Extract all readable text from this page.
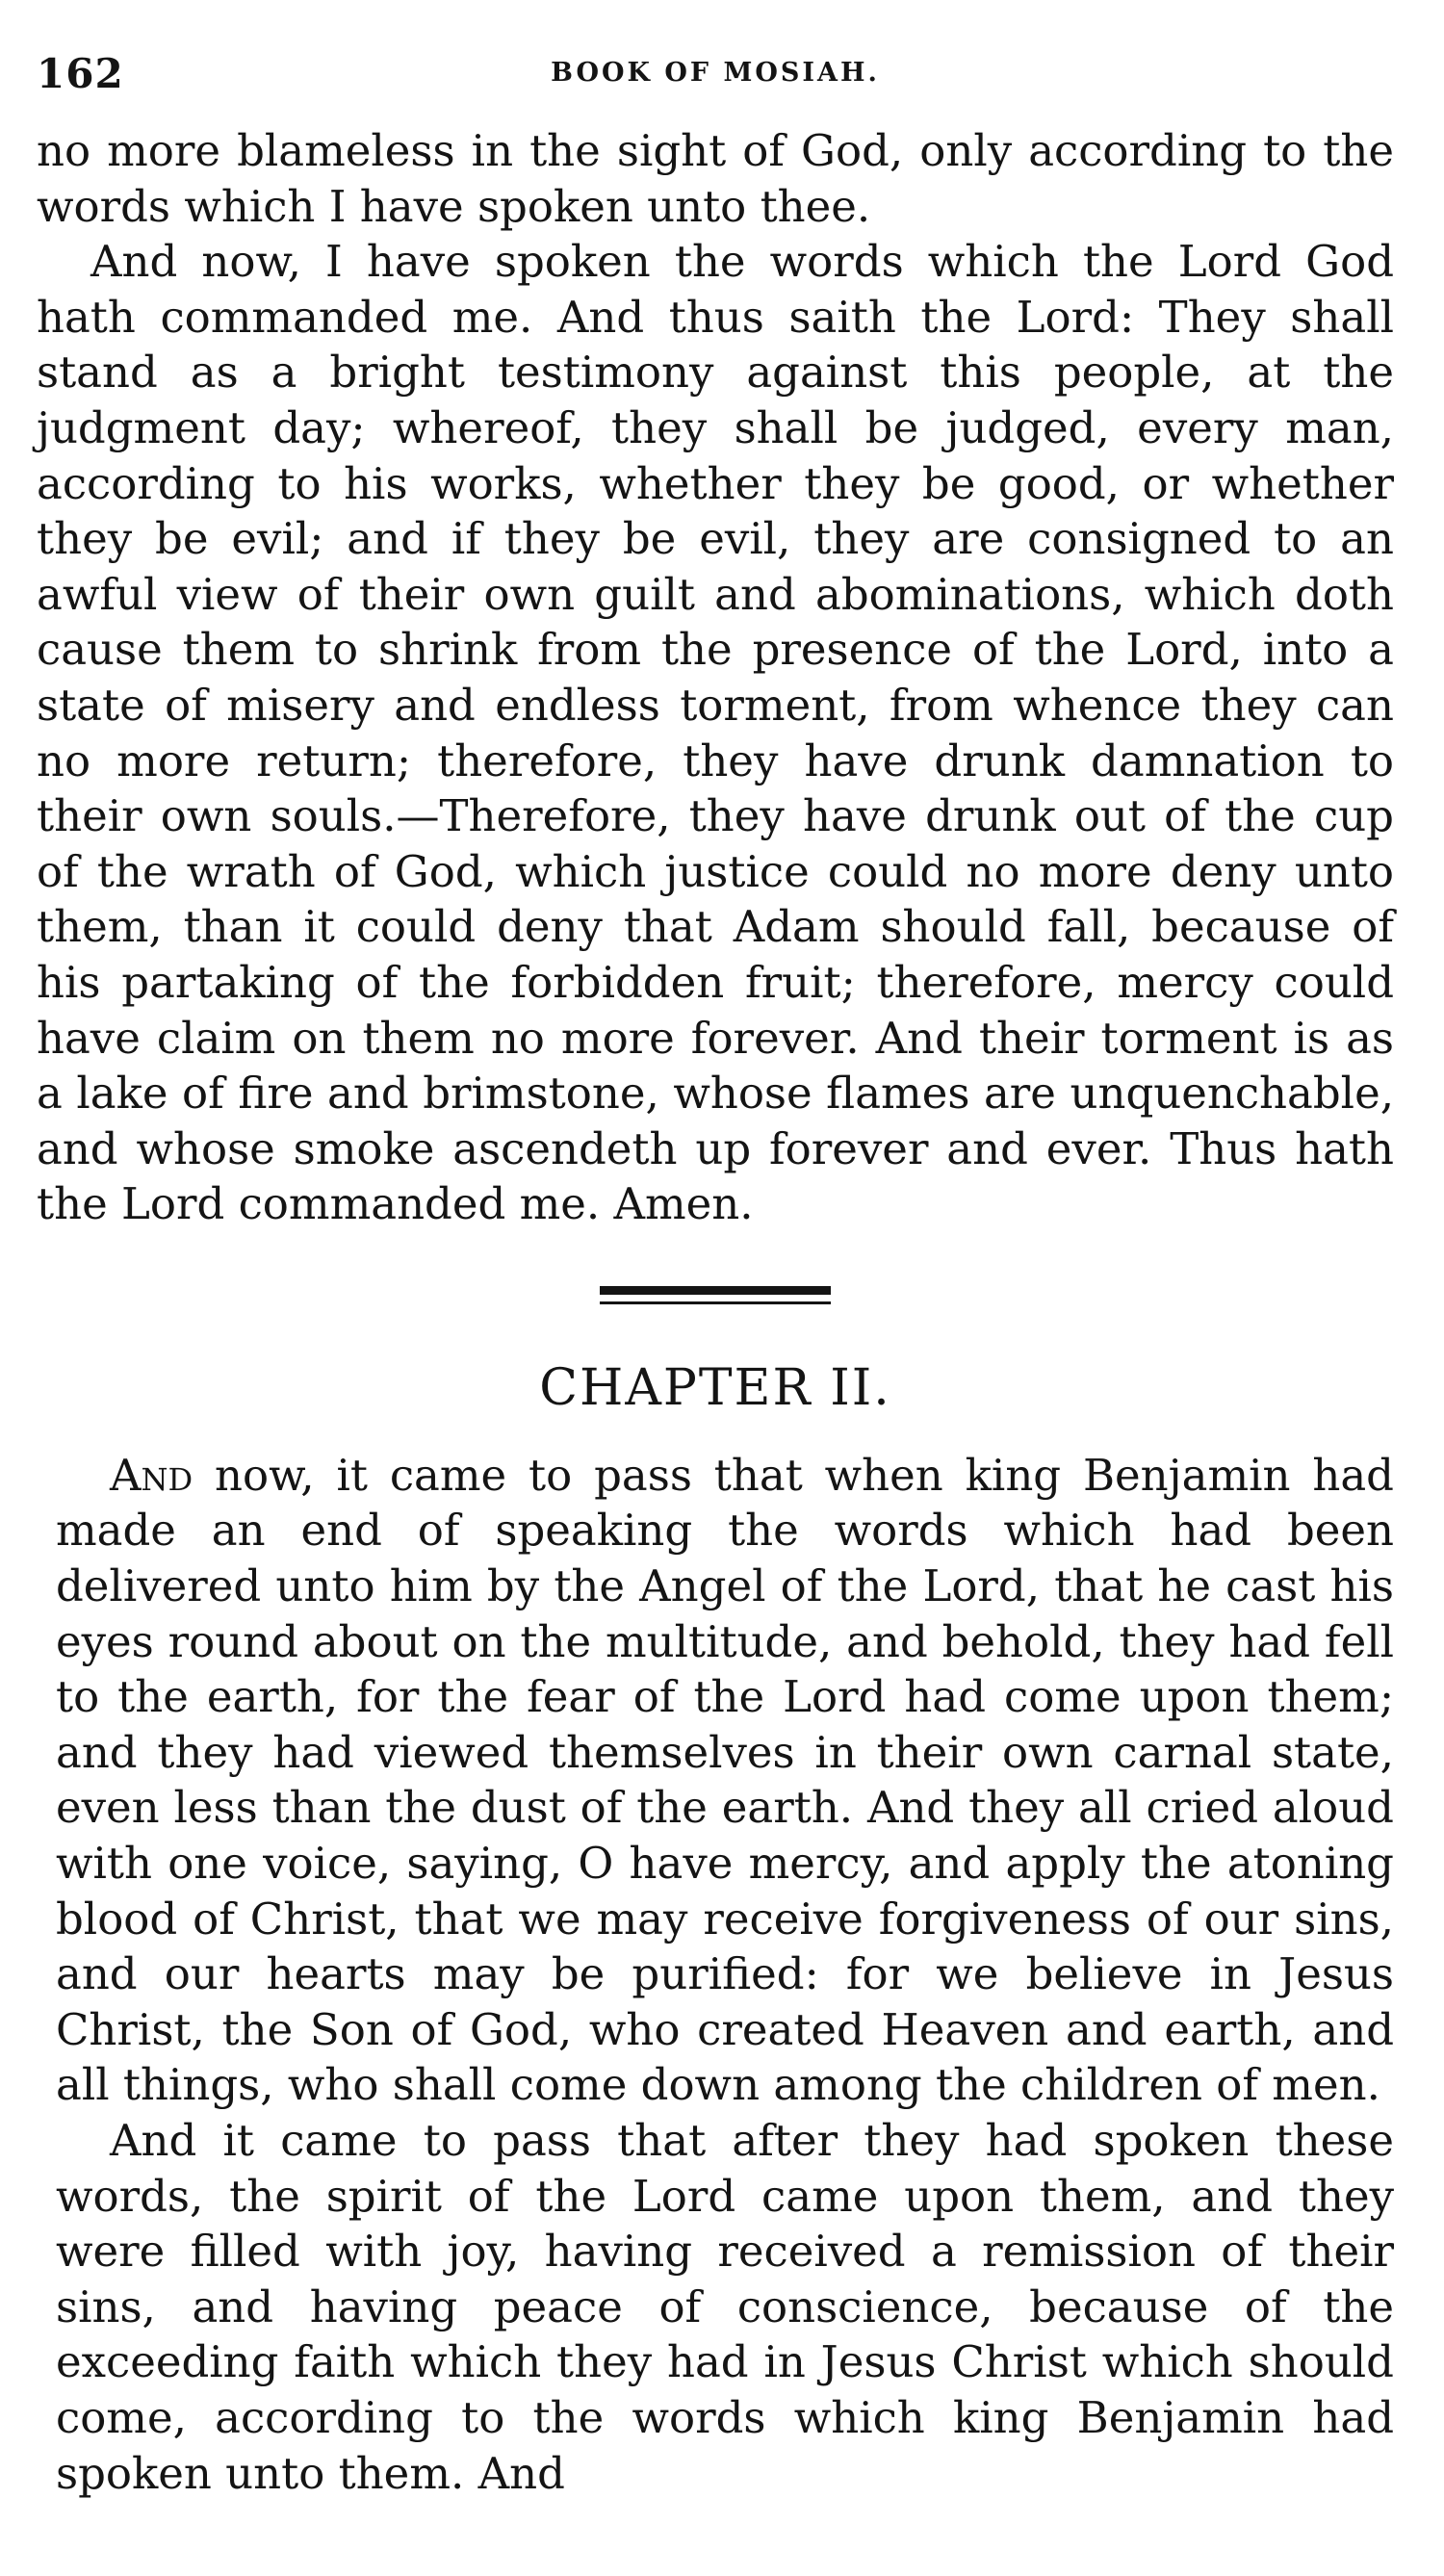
162	BOOK OF MOSIAH.

no more blameless in the sight of God, only according to the words which I have spoken unto thee.

And now, I have spoken the words which the Lord God hath commanded me. And thus saith the Lord: They shall stand as a bright testimony against this people, at the judgment day; whereof, they shall be judged, every man, according to his works, whether they be good, or whether they be evil; and if they be evil, they are consigned to an awful view of their own guilt and abominations, which doth cause them to shrink from the presence of the Lord, into a state of misery and endless torment, from whence they can no more return; therefore, they have drunk damnation to their own souls.—Therefore, they have drunk out of the cup of the wrath of God, which justice could no more deny unto them, than it could deny that Adam should fall, because of his partaking of the forbidden fruit; therefore, mercy could have claim on them no more forever. And their torment is as a lake of fire and brimstone, whose flames are unquenchable, and whose smoke ascendeth up forever and ever. Thus hath the Lord commanded me. Amen.

CHAPTER II.

And now, it came to pass that when king Benjamin had made an end of speaking the words which had been delivered unto him by the Angel of the Lord, that he cast his eyes round about on the multitude, and behold, they had fell to the earth, for the fear of the Lord had come upon them; and they had viewed themselves in their own carnal state, even less than the dust of the earth. And they all cried aloud with one voice, saying, O have mercy, and apply the atoning blood of Christ, that we may receive forgiveness of our sins, and our hearts may be purified: for we believe in Jesus Christ, the Son of God, who created Heaven and earth, and all things, who shall come down among the children of men.

And it came to pass that after they had spoken these words, the spirit of the Lord came upon them, and they were filled with joy, having received a remission of their sins, and having peace of conscience, because of the exceeding faith which they had in Jesus Christ which should come, according to the words which king Benjamin had spoken unto them. And
